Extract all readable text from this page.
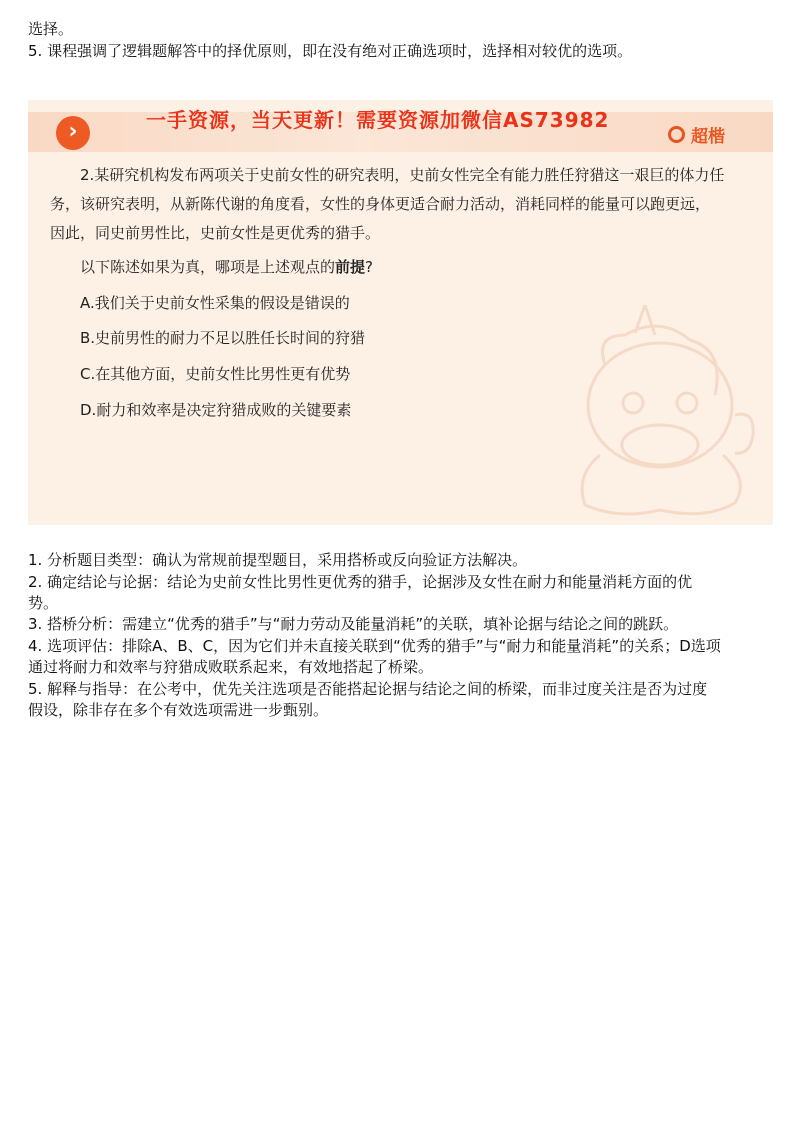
选择。
5. 课程强调了逻辑题解答中的择优原则，即在没有绝对正确选项时，选择相对较优的选项。
›	一手资源，当天更新！需要资源加微信AS73982
超楷
2.某研究机构发布两项关于史前女性的研究表明，史前女性完全有能力胜任狩猎这一艰巨的体力任
务，该研究表明，从新陈代谢的角度看，女性的身体更适合耐力活动，消耗同样的能量可以跑更远，
因此，同史前男性比，史前女性是更优秀的猎手。
以下陈述如果为真，哪项是上述观点的前提?
A.我们关于史前女性采集的假设是错误的
B.史前男性的耐力不足以胜任长时间的狩猎
C.在其他方面，史前女性比男性更有优势
D.耐力和效率是决定狩猎成败的关键要素
1. 分析题目类型：确认为常规前提型题目，采用搭桥或反向验证方法解决。
2. 确定结论与论据：结论为史前女性比男性更优秀的猎手，论据涉及女性在耐力和能量消耗方面的优
势。
3. 搭桥分析：需建立“优秀的猎手”与“耐力劳动及能量消耗”的关联，填补论据与结论之间的跳跃。
4. 选项评估：排除A、B、C，因为它们并未直接关联到“优秀的猎手”与“耐力和能量消耗”的关系；D选项
通过将耐力和效率与狩猎成败联系起来，有效地搭起了桥梁。
5. 解释与指导：在公考中，优先关注选项是否能搭起论据与结论之间的桥梁，而非过度关注是否为过度
假设，除非存在多个有效选项需进一步甄别。
